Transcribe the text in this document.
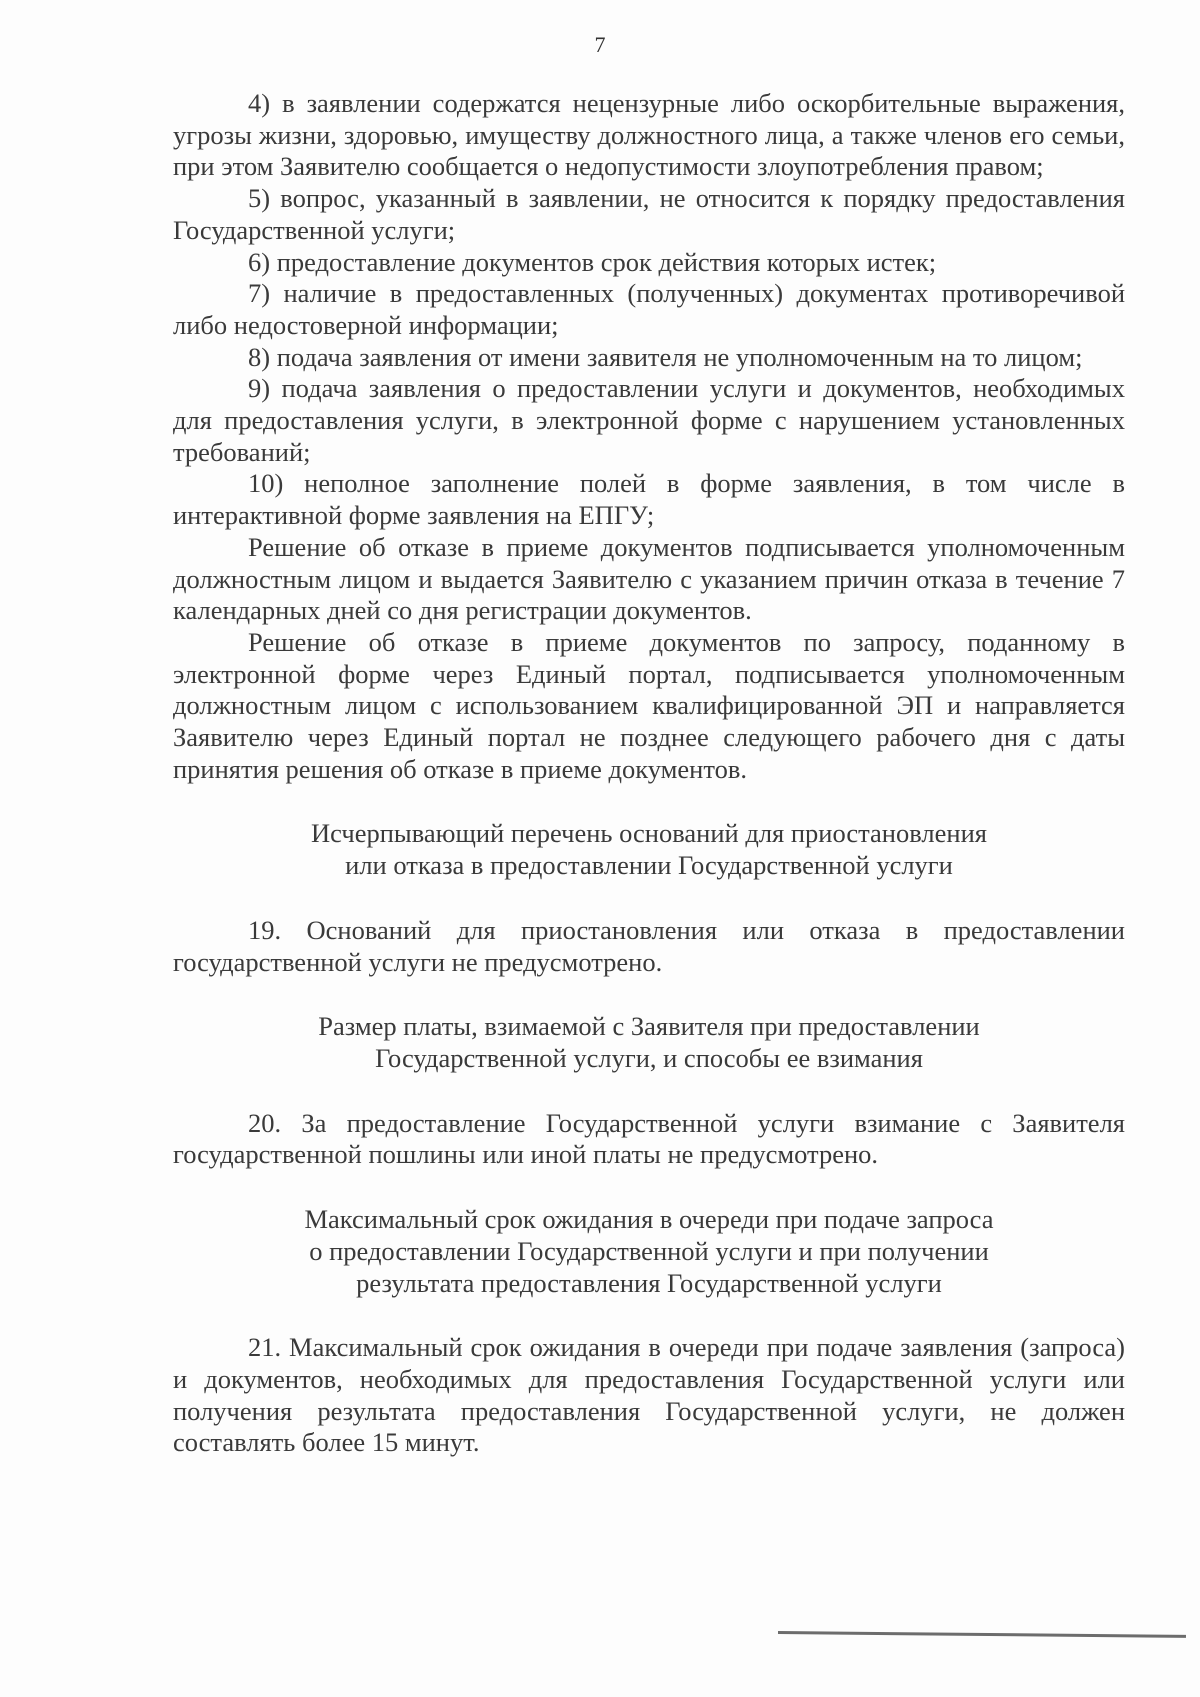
7

4) в заявлении содержатся нецензурные либо оскорбительные выражения, угрозы жизни, здоровью, имуществу должностного лица, а также членов его семьи, при этом Заявителю сообщается о недопустимости злоупотребления правом;

5) вопрос, указанный в заявлении, не относится к порядку предоставления Государственной услуги;

6) предоставление документов срок действия которых истек;

7) наличие в предоставленных (полученных) документах противоречивой либо недостоверной информации;

8) подача заявления от имени заявителя не уполномоченным на то лицом;

9) подача заявления о предоставлении услуги и документов, необходимых для предоставления услуги, в электронной форме с нарушением установленных требований;

10) неполное заполнение полей в форме заявления, в том числе в интерактивной форме заявления на ЕПГУ;

Решение об отказе в приеме документов подписывается уполномоченным должностным лицом и выдается Заявителю с указанием причин отказа в течение 7 календарных дней со дня регистрации документов.

Решение об отказе в приеме документов по запросу, поданному в электронной форме через Единый портал, подписывается уполномоченным должностным лицом с использованием квалифицированной ЭП и направляется Заявителю через Единый портал не позднее следующего рабочего дня с даты принятия решения об отказе в приеме документов.

Исчерпывающий перечень оснований для приостановления
или отказа в предоставлении Государственной услуги

19. Оснований для приостановления или отказа в предоставлении государственной услуги не предусмотрено.

Размер платы, взимаемой с Заявителя при предоставлении
Государственной услуги, и способы ее взимания

20. За предоставление Государственной услуги взимание с Заявителя государственной пошлины или иной платы не предусмотрено.

Максимальный срок ожидания в очереди при подаче запроса
о предоставлении Государственной услуги и при получении
результата предоставления Государственной услуги

21. Максимальный срок ожидания в очереди при подаче заявления (запроса) и документов, необходимых для предоставления Государственной услуги или получения результата предоставления Государственной услуги, не должен составлять более 15 минут.
